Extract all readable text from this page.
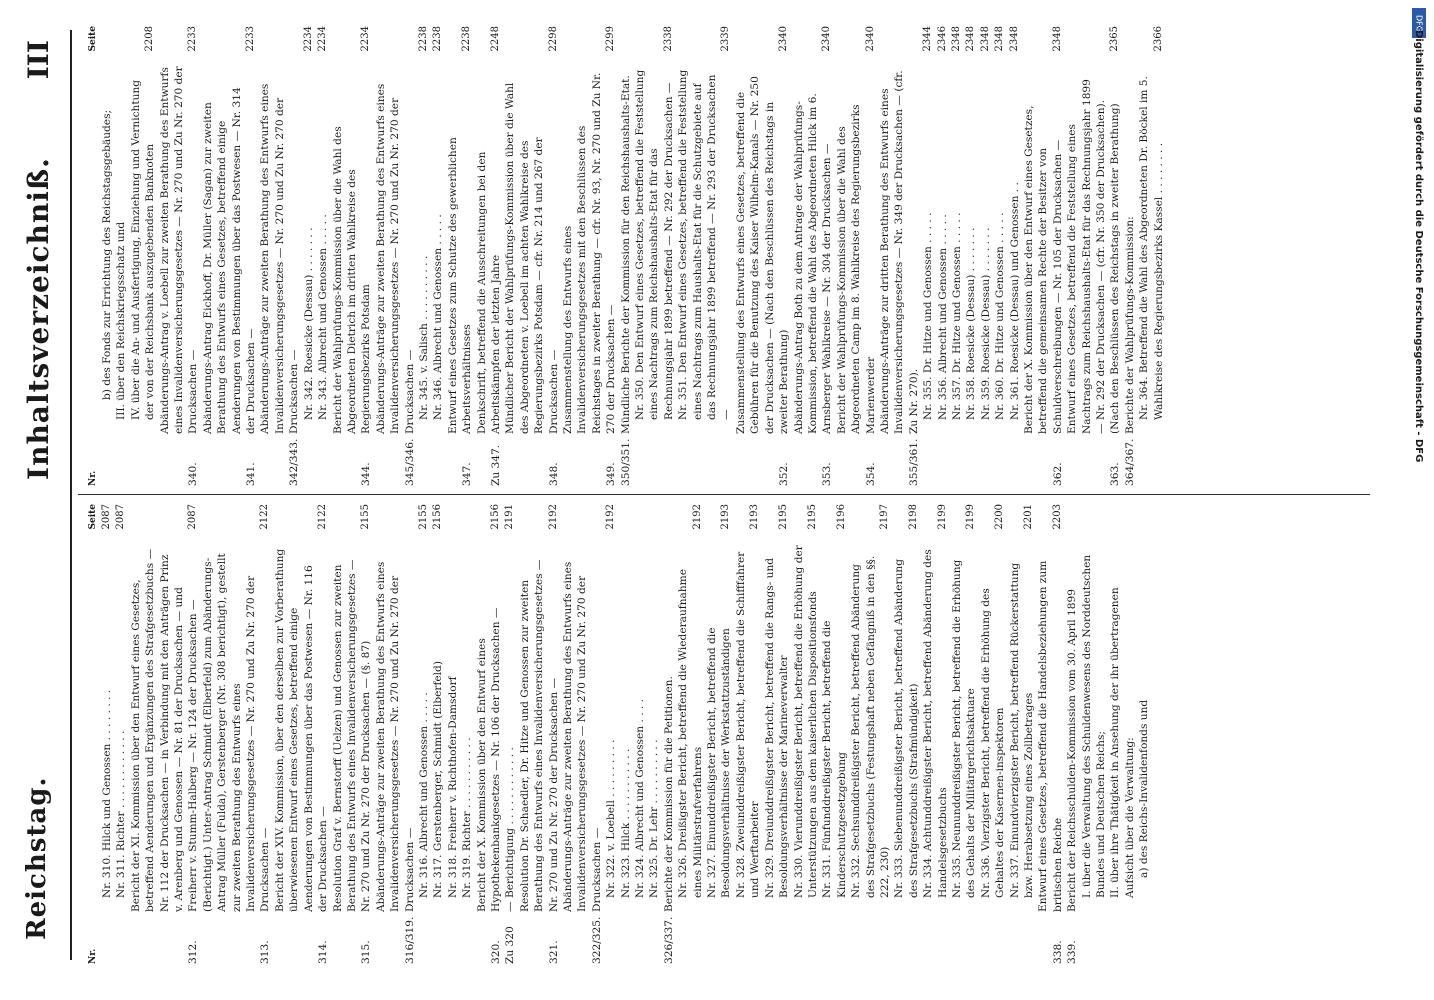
Reichstag.
Inhaltsverzeichniß.
III
Nr.
Seite
Nr. 310. Hilck und Genossen . . . . . . . .
2087
Nr. 311. Richter . . . . . . . . . . . .
2087
312.
Bericht der XI. Kommission über den Entwurf eines Gesetzes, betreffend Aenderungen und Ergänzungen des Strafgesetzbuchs — Nr. 112 der Drucksachen — in Verbindung mit den Anträgen Prinz v. Arenberg und Genossen — Nr. 81 der Drucksachen — und Freiherr v. Stumm-Halberg — Nr. 124 der Drucksachen —
2087
313.
(Berichtigt.) Unter-Antrag Schmidt (Elberfeld) zum Abänderungs-Antrag Müller (Fulda), Gerstenberger (Nr. 308 berichtigt), gestellt zur zweiten Berathung des Entwurfs eines Invalidenversicherungsgesetzes — Nr. 270 und Zu Nr. 270 der Drucksachen —
2122
314.
Bericht der XIV. Kommission, über den derselben zur Vorberathung überwiesenen Entwurf eines Gesetzes, betreffend einige Aenderungen von Bestimmungen über das Postwesen — Nr. 116 der Drucksachen —
2122
315.
Resolution Graf v. Bernstorff (Uelzen) und Genossen zur zweiten Berathung des Entwurfs eines Invalidenversicherungsgesetzes — Nr. 270 und Zu Nr. 270 der Drucksachen — (§. 87)
2155
316/319.
Abänderungs-Anträge zur zweiten Berathung des Entwurfs eines Invalidenversicherungsgesetzes — Nr. 270 und Zu Nr. 270 der Drucksachen — Nr. 316. Albrecht und Genossen . . . . .
2155
Nr. 317. Gerstenberger, Schmidt (Elberfeld)
2156
Nr. 318. Freiherr v. Richthofen-Damsdorf Nr. 319. Richter . . . . . . . . . . .
320.
Bericht der X. Kommission über den Entwurf eines Hypothekenbankgesetzes — Nr. 106 der Drucksachen —
2156
Zu 320
— Berichtigung . . . . . . . . . . . .
2191
321.
Resolution Dr. Schaedler, Dr. Hitze und Genossen zur zweiten Berathung des Entwurfs eines Invalidenversicherungsgesetzes — Nr. 270 und Zu Nr. 270 der Drucksachen —
2192
322/325.
Abänderungs-Anträge zur zweiten Berathung des Entwurfs eines Invalidenversicherungsgesetzes — Nr. 270 und Zu Nr. 270 der Drucksachen — Nr. 322. v. Loebell . . . . . . . . .
2192
Nr. 323. Hilck . . . . . . . . . . . Nr. 324. Albrecht und Genossen . . . . Nr. 325. Dr. Lehr . . . . . . . . . .
326/337.
Berichte der Kommission für die Petitionen. Nr. 326. Dreißigster Bericht, betreffend die Wiederaufnahme eines Militärstrafverfahrens
2192
Nr. 327. Einunddreißigster Bericht, betreffend die Besoldungsverhältnisse der Werkstattzuständigen
2193
Nr. 328. Zweiunddreißigster Bericht, betreffend die Schifffahrer und Werftarbeiter
2193
Nr. 329. Dreiunddreißigster Bericht, betreffend die Rangs- und Besoldungsverhältnisse der Marineverwalter
2195
Nr. 330. Vierunddreißigster Bericht, betreffend die Erhöhung der Unterstützungen aus dem kaiserlichen Dispositionsfonds
2195
Nr. 331. Fünfunddreißigster Bericht, betreffend die Kinderschutzgesetzgebung
2196
Nr. 332. Sechsunddreißigster Bericht, betreffend Abänderung des Strafgesetzbuchs (Festungshaft neben Gefängniß in den §§. 222, 230)
2197
Nr. 333. Siebenunddreißigster Bericht, betreffend Abänderung des Strafgesetzbuchs (Strafmündigkeit)
2198
Nr. 334. Achtunddreißigster Bericht, betreffend Abänderung des Handelsgesetzbuchs
2199
Nr. 335. Neununddreißigster Bericht, betreffend die Erhöhung des Gehalts der Militärgerichtsaktuare
2199
Nr. 336. Vierzigster Bericht, betreffend die Erhöhung des Gehaltes der Kasernen-inspektoren
2200
Nr. 337. Einundvierzigster Bericht, betreffend Rückerstattung bzw. Herabsetzung eines Zollbetrages
2201
338.
Entwurf eines Gesetzes, betreffend die Handelsbeziehungen zum britischen Reiche
2203
339.
Bericht der Reichsschulden-Kommission vom 30. April 1899 I. über die Verwaltung des Schuldenwesens des Norddeutschen Bundes und Deutschen Reichs; II. über ihre Thätigkeit in Ansehung der ihr übertragenen Aufsicht über die Verwaltung: a) des Reichs-Invalidenfonds und
Nr.
Seite
b) des Fonds zur Errichtung des Reichstagsgebäudes; III. über den Reichskriegsschatz und IV. über die An- und Ausfertigung, Einziehung und Vernichtung der von der Reichsbank auszugebenden Banknoten
2208
340.
Abänderungs-Antrag v. Loebell zur zweiten Berathung des Entwurfs eines Invalidenversicherungsgesetzes — Nr. 270 und Zu Nr. 270 der Drucksachen —
2233
341.
Abänderungs-Antrag Eickhoff, Dr. Müller (Sagan) zur zweiten Berathung des Entwurfs eines Gesetzes, betreffend einige Aenderungen von Bestimmungen über das Postwesen — Nr. 314 der Drucksachen —
2233
342/343.
Abänderungs-Anträge zur zweiten Berathung des Entwurfs eines Invalidenversicherungsgesetzes — Nr. 270 und Zu Nr. 270 der Drucksachen — Nr. 342. Roesicke (Dessau) . . . . . . .
2234
Nr. 343. Albrecht und Genossen . . . . .
2234
344.
Bericht der Wahlprüfungs-Kommission über die Wahl des Abgeordneten Dietrich im dritten Wahlkreise des Regierungsbezirks Potsdam
2234
345/346.
Abänderungs-Anträge zur zweiten Berathung des Entwurfs eines Invalidenversicherungsgesetzes — Nr. 270 und Zu Nr. 270 der Drucksachen — Nr. 345. v. Salisch . . . . . . . . . .
2238
Nr. 346. Albrecht und Genossen . . . . .
2238
347.
Entwurf eines Gesetzes zum Schutze des gewerblichen Arbeitsverhältnisses
2238
Zu 347.
Denkschrift, betreffend die Ausschreitungen bei den Arbeitskämpfen der letzten Jahre
2248
348.
Mündlicher Bericht der Wahlprüfungs-Kommission über die Wahl des Abgeordneten v. Loebell im achten Wahlkreise des Regierungsbezirks Potsdam — cfr. Nr. 214 und 267 der Drucksachen —
2298
349.
Zusammenstellung des Entwurfs eines Invalidenversicherungsgesetzes mit den Beschlüssen des Reichstages in zweiter Berathung — cfr. Nr. 93, Nr. 270 und Zu Nr. 270 der Drucksachen —
2299
350/351.
Mündliche Berichte der Kommission für den Reichshaushalts-Etat. Nr. 350. Den Entwurf eines Gesetzes, betreffend die Feststellung eines Nachtrags zum Reichshaushalts-Etat für das Rechnungsjahr 1899 betreffend — Nr. 292 der Drucksachen —
2338
Nr. 351. Den Entwurf eines Gesetzes, betreffend die Feststellung eines Nachtrags zum Haushalts-Etat für die Schutzgebiete auf das Rechnungsjahr 1899 betreffend — Nr. 293 der Drucksachen —
2339
352.
Zusammenstellung des Entwurfs eines Gesetzes, betreffend die Gebühren für die Benutzung des Kaiser Wilhelm-Kanals — Nr. 250 der Drucksachen — (Nach den Beschlüssen des Reichstags in zweiter Berathung)
2340
353.
Abänderungs-Antrag Both zu dem Antrage der Wahlprüfungs-Kommission, betreffend die Wahl des Abgeordneten Hilck im 6. Arnsberger Wahlkreise — Nr. 304 der Drucksachen —
2340
354.
Bericht der Wahlprüfungs-Kommission über die Wahl des Abgeordneten Camp im 8. Wahlkreise des Regierungsbezirks Marienwerder
2340
355/361.
Abänderungs-Anträge zur dritten Berathung des Entwurfs eines Invalidenversicherungsgesetzes — Nr. 349 der Drucksachen — (cfr. Zu Nr. 270). Nr. 355. Dr. Hitze und Genossen . . . . .
2344
Nr. 356. Albrecht und Genossen . . . . .
2346
Nr. 357. Dr. Hitze und Genossen . . . . .
2348
Nr. 358. Roesicke (Dessau) . . . . . . .
2348
Nr. 359. Roesicke (Dessau) . . . . . . .
2348
Nr. 360. Dr. Hitze und Genossen . . . . .
2348
Nr. 361. Roesicke (Dessau) und Genossen . .
2348
362.
Bericht der X. Kommission über den Entwurf eines Gesetzes, betreffend die gemeinsamen Rechte der Besitzer von Schuldverschreibungen — Nr. 105 der Drucksachen —
2348
363.
Entwurf eines Gesetzes, betreffend die Feststellung eines Nachtrags zum Reichshaushalts-Etat für das Rechnungsjahr 1899 — Nr. 292 der Drucksachen — (cfr. Nr. 350 der Drucksachen). (Nach den Beschlüssen des Reichstags in zweiter Berathung)
2365
364/367.
Berichte der Wahlprüfungs-Kommission: Nr. 364. Betreffend die Wahl des Abgeordneten Dr. Böckel im 5. Wahlkreise des Regierungsbezirks Kassel . . . . . . . .
2366
DFG
Digitalisierung gefördert durch die Deutsche Forschungsgemeinschaft - DFG
